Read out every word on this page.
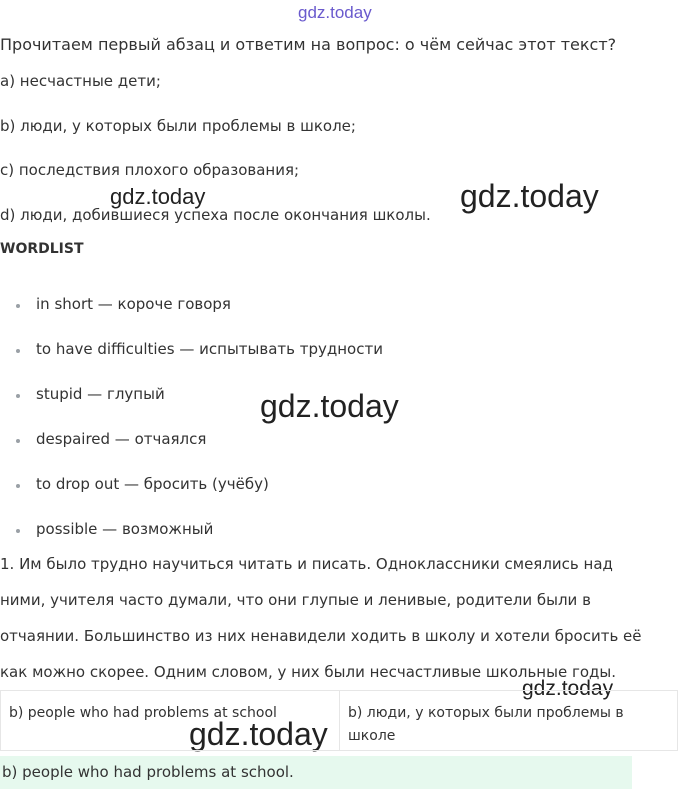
gdz.today
gdz.today	gdz.today
gdz.today
gdz.today
gdz.today
Прочитаем первый абзац и ответим на вопрос: о чём сейчас этот текст?
a) несчастные дети;
b) люди, у которых были проблемы в школе;
c) последствия плохого образования;
d) люди, добившиеся успеха после окончания школы.
WORDLIST
in short — короче говоря
to have difficulties — испытывать трудности
stupid — глупый
despaired — отчаялся
to drop out — бросить (учёбу)
possible — возможный
1. Им было трудно научиться читать и писать. Одноклассники смеялись над
ними, учителя часто думали, что они глупые и ленивые, родители были в
отчаянии. Большинство из них ненавидели ходить в школу и хотели бросить её
как можно скорее. Одним словом, у них были несчастливые школьные годы.
b) people who had problems at school	b) люди, у которых были проблемы в школе
b) people who had problems at school.
